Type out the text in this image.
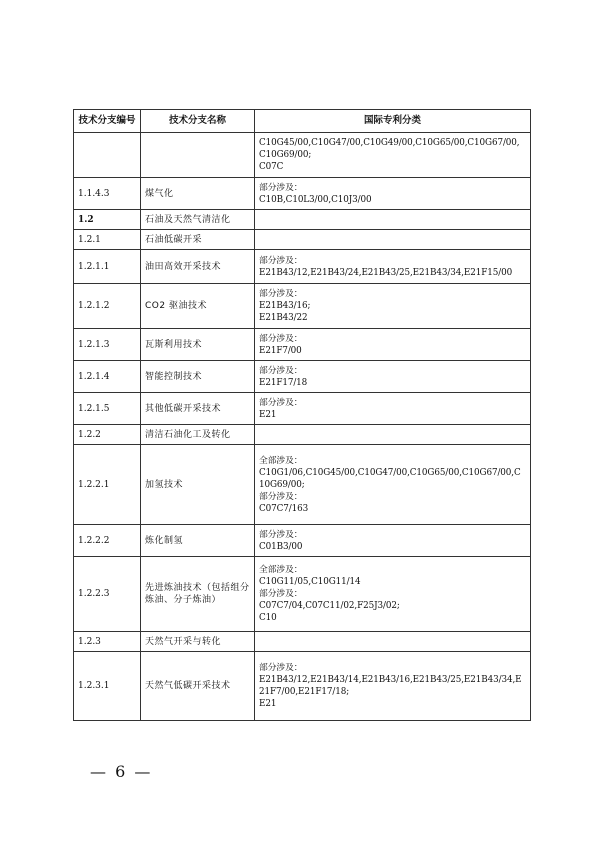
技术分支编号	技术分支名称	国际专利分类

		C10G45/00,C10G47/00,C10G49/00,C10G65/00,C10G67/00,C10G69/00;
C07C

1.1.4.3	煤气化	部分涉及：
C10B,C10L3/00,C10J3/00

1.2	石油及天然气清洁化	
1.2.1	石油低碳开采	
1.2.1.1	油田高效开采技术	部分涉及：
E21B43/12,E21B43/24,E21B43/25,E21B43/34,E21F15/00

1.2.1.2	CO2 驱油技术	部分涉及：
E21B43/16;
E21B43/22

1.2.1.3	瓦斯利用技术	部分涉及：
E21F7/00

1.2.1.4	智能控制技术	部分涉及：
E21F17/18

1.2.1.5	其他低碳开采技术	部分涉及：
E21

1.2.2	清洁石油化工及转化	
1.2.2.1	加氢技术	全部涉及：
C10G1/06,C10G45/00,C10G47/00,C10G65/00,C10G67/00,C10G69/00;
部分涉及：
C07C7/163

1.2.2.2	炼化制氢	部分涉及：
C01B3/00

1.2.2.3	先进炼油技术（包括组分炼油、分子炼油）	全部涉及：
C10G11/05,C10G11/14
部分涉及：
C07C7/04,C07C11/02,F25J3/02;
C10

1.2.3	天然气开采与转化	
1.2.3.1	天然气低碳开采技术	部分涉及：
E21B43/12,E21B43/14,E21B43/16,E21B43/25,E21B43/34,E21F7/00,E21F17/18;
E21
— 6 —
